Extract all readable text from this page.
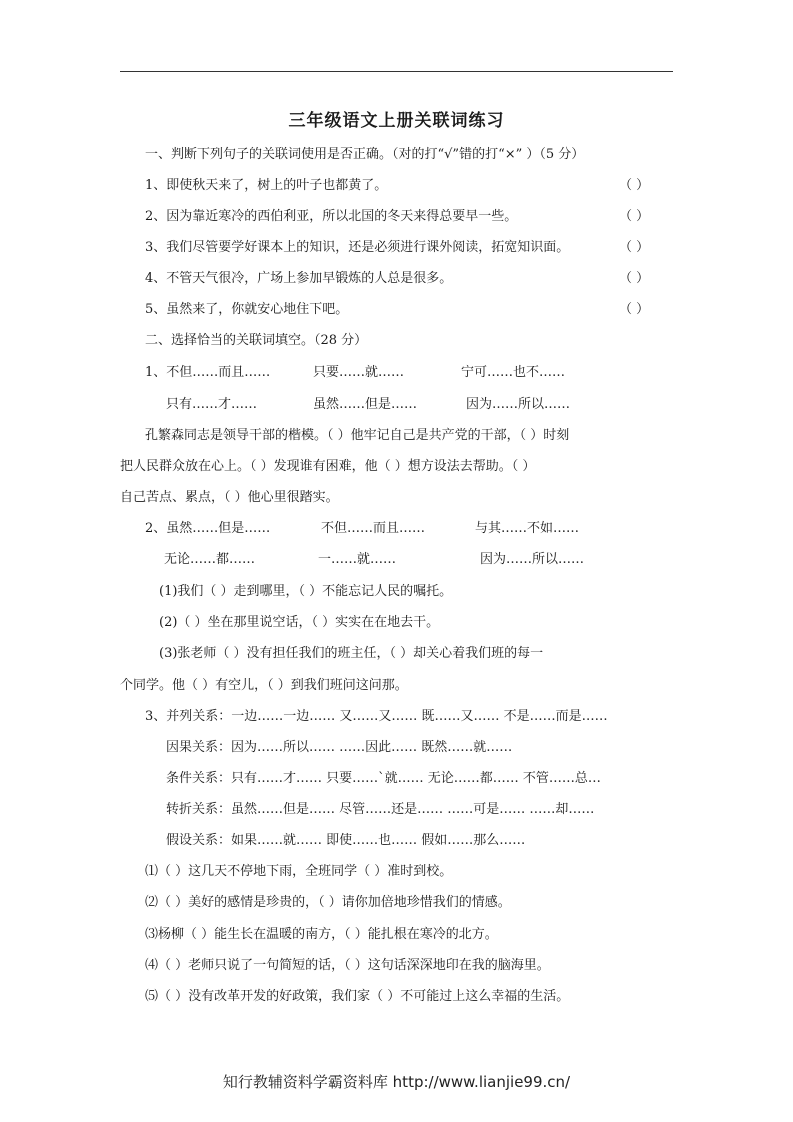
三年级语文上册关联词练习
一、判断下列句子的关联词使用是否正确。（对的打“√”错的打“×” ）（5 分）
1、即使秋天来了，树上的叶子也都黄了。	（ ）
2、因为靠近寒冷的西伯利亚，所以北国的冬天来得总要早一些。	（ ）
3、我们尽管要学好课本上的知识，还是必须进行课外阅读，拓宽知识面。	（ ）
4、不管天气很冷，广场上参加早锻炼的人总是很多。	（ ）
5、虽然来了，你就安心地住下吧。	（ ）
二、选择恰当的关联词填空。（28 分）
1、不但……而且……	只要……就……	宁可……也不……
只有……才……	虽然……但是……	因为……所以……
孔繁森同志是领导干部的楷模。（ ）他牢记自己是共产党的干部，（ ）时刻
把人民群众放在心上。（ ）发现谁有困难，他（ ）想方设法去帮助。（ ）
自己苦点、累点，（ ）他心里很踏实。
2、虽然……但是……	不但……而且……	与其……不如……
无论……都……	一……就……	因为……所以……
(1)我们（ ）走到哪里，（ ）不能忘记人民的嘱托。
(2)（ ）坐在那里说空话，（ ）实实在在地去干。
(3)张老师（ ）没有担任我们的班主任，（ ）却关心着我们班的每一
个同学。他（ ）有空儿，（ ）到我们班问这问那。
3、并列关系：一边……一边…… 又……又…… 既……又…… 不是……而是……
因果关系：因为……所以…… ……因此…… 既然……就……
条件关系：只有……才…… 只要……`就…… 无论……都…… 不管……总…
转折关系：虽然……但是…… 尽管……还是…… ……可是…… ……却……
假设关系：如果……就…… 即使……也…… 假如……那么……
⑴（ ）这几天不停地下雨，全班同学（ ）准时到校。
⑵（ ）美好的感情是珍贵的，（ ）请你加倍地珍惜我们的情感。
⑶杨柳（ ）能生长在温暖的南方，（ ）能扎根在寒冷的北方。
⑷（ ）老师只说了一句简短的话，（ ）这句话深深地印在我的脑海里。
⑸（ ）没有改革开发的好政策，我们家（ ）不可能过上这么幸福的生活。
知行教辅资料学霸资料库 http://www.lianjie99.cn/
